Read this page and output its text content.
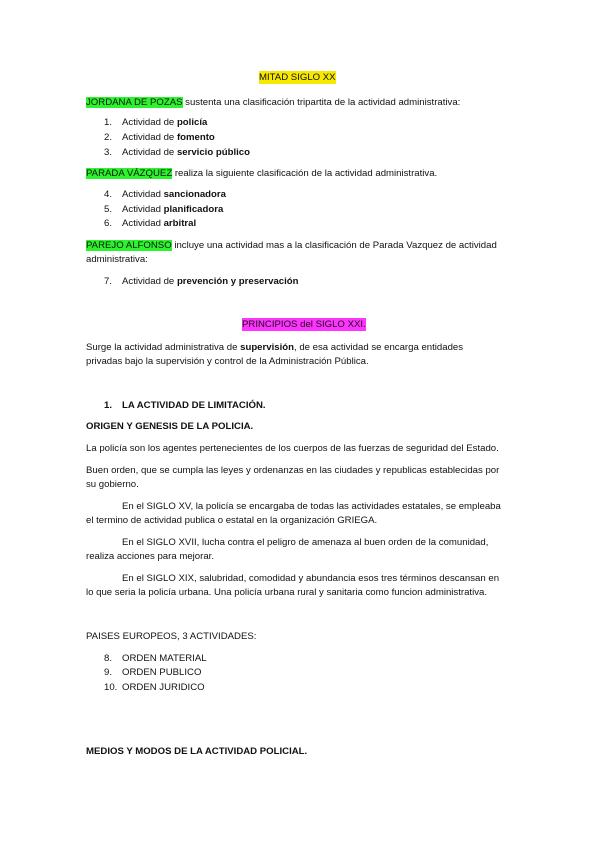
MITAD SIGLO XX
JORDANA DE POZAS sustenta una clasificación tripartita de la actividad administrativa:
1. Actividad de policía
2. Actividad de fomento
3. Actividad de servicio público
PARADA VÁZQUEZ realiza la siguiente clasificación de la actividad administrativa.
4. Actividad sancionadora
5. Actividad planificadora
6. Actividad arbitral
PAREJO ALFONSO incluye una actividad mas a la clasificación de Parada Vazquez de actividad
administrativa:
7. Actividad de prevención y preservación
PRINCIPIOS del SIGLO XXI.
Surge la actividad administrativa de supervisión, de esa actividad se encarga entidades
privadas bajo la supervisión y control de la Administración Pública.
1. LA ACTIVIDAD DE LIMITACIÓN.
ORIGEN Y GENESIS DE LA POLICIA.
La policía son los agentes pertenecientes de los cuerpos de las fuerzas de seguridad del Estado.
Buen orden, que se cumpla las leyes y ordenanzas en las ciudades y republicas establecidas por
su gobierno.
En el SIGLO XV, la policía se encargaba de todas las actividades estatales, se empleaba
el termino de actividad publica o estatal en la organización GRIEGA.
En el SIGLO XVII, lucha contra el peligro de amenaza al buen orden de la comunidad,
realiza acciones para mejorar.
En el SIGLO XIX, salubridad, comodidad y abundancia esos tres términos descansan en
lo que seria la policía urbana. Una policía urbana rural y sanitaria como funcion administrativa.
PAISES EUROPEOS, 3 ACTIVIDADES:
8. ORDEN MATERIAL
9. ORDEN PUBLICO
10. ORDEN JURIDICO
MEDIOS Y MODOS DE LA ACTIVIDAD POLICIAL.
